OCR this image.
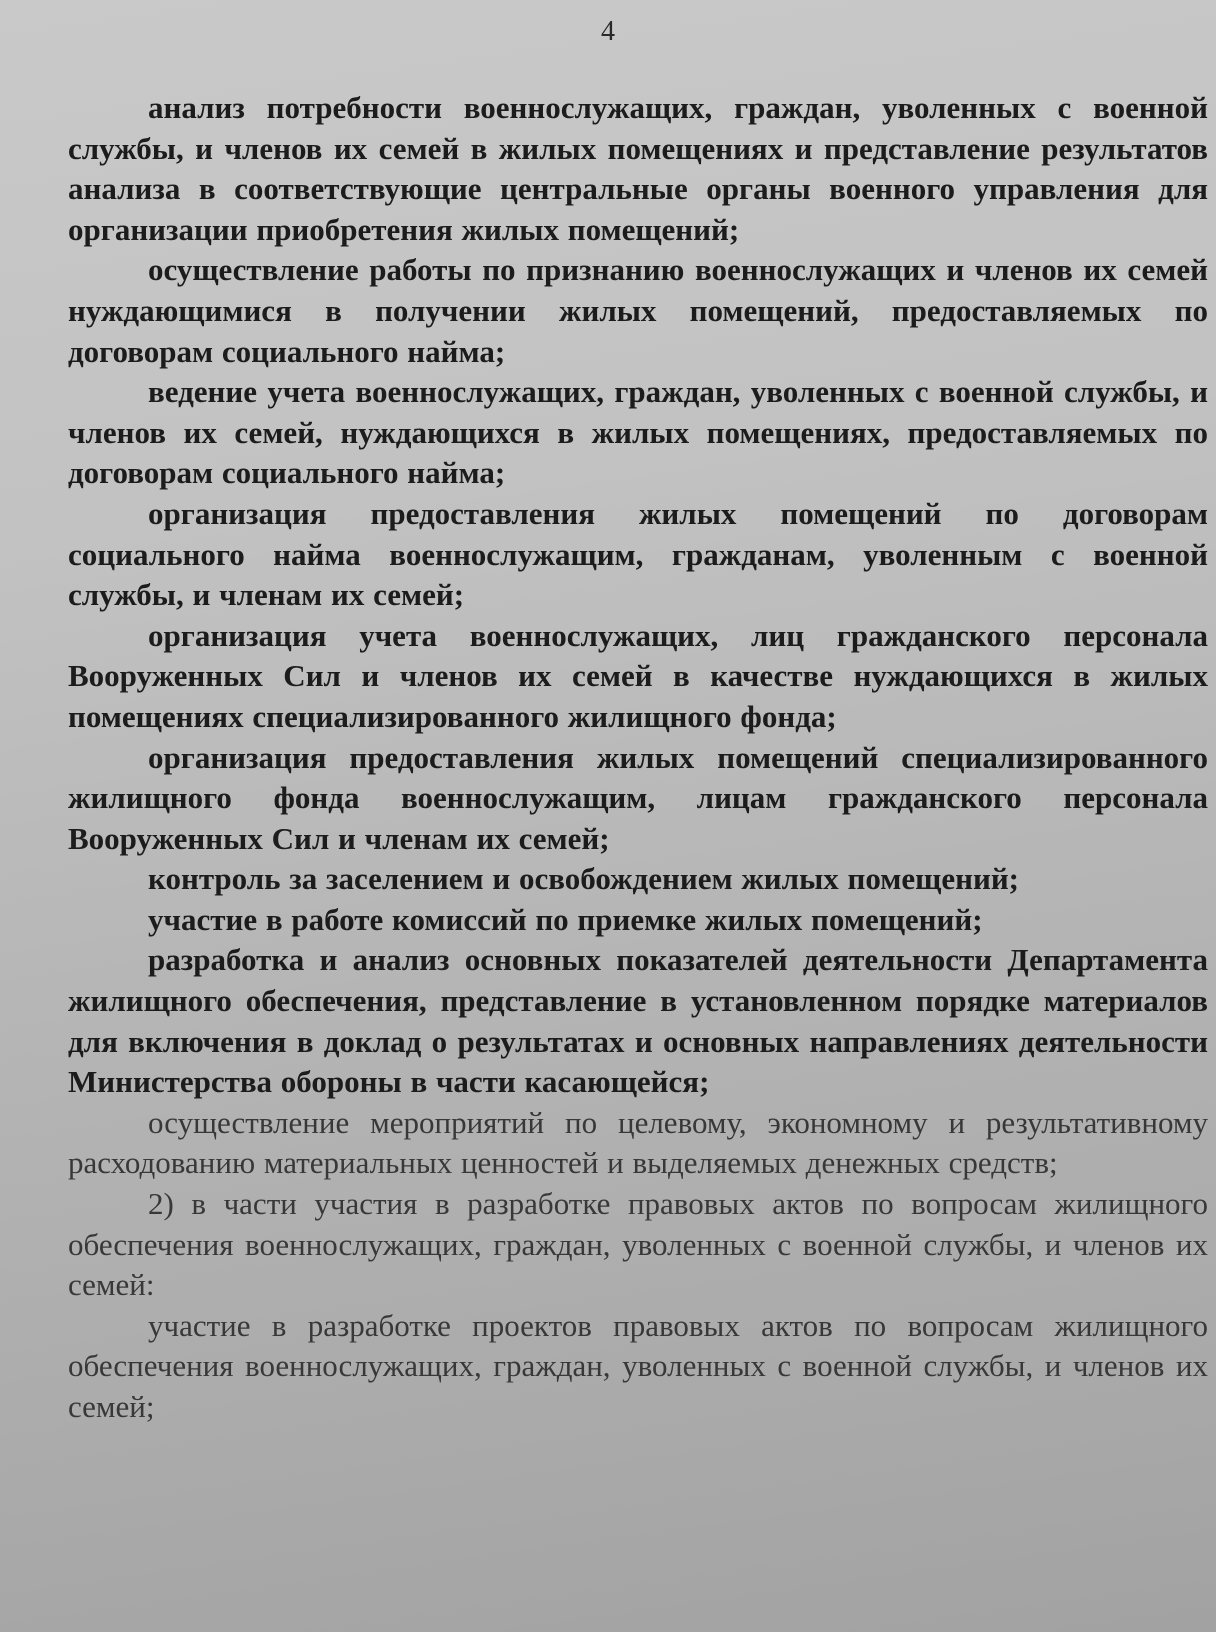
4

анализ потребности военнослужащих, граждан, уволенных с военной службы, и членов их семей в жилых помещениях и представление результатов анализа в соответствующие центральные органы военного управления для организации приобретения жилых помещений;

осуществление работы по признанию военнослужащих и членов их семей нуждающимися в получении жилых помещений, предоставляемых по договорам социального найма;

ведение учета военнослужащих, граждан, уволенных с военной службы, и членов их семей, нуждающихся в жилых помещениях, предоставляемых по договорам социального найма;

организация предоставления жилых помещений по договорам социального найма военнослужащим, гражданам, уволенным с военной службы, и членам их семей;

организация учета военнослужащих, лиц гражданского персонала Вооруженных Сил и членов их семей в качестве нуждающихся в жилых помещениях специализированного жилищного фонда;

организация предоставления жилых помещений специализированного жилищного фонда военнослужащим, лицам гражданского персонала Вооруженных Сил и членам их семей;

контроль за заселением и освобождением жилых помещений;

участие в работе комиссий по приемке жилых помещений;

разработка и анализ основных показателей деятельности Департамента жилищного обеспечения, представление в установленном порядке материалов для включения в доклад о результатах и основных направлениях деятельности Министерства обороны в части касающейся;

осуществление мероприятий по целевому, экономному и результативному расходованию материальных ценностей и выделяемых денежных средств;

2) в части участия в разработке правовых актов по вопросам жилищного обеспечения военнослужащих, граждан, уволенных с военной службы, и членов их семей:

участие в разработке проектов правовых актов по вопросам жилищного обеспечения военнослужащих, граждан, уволенных с военной службы, и членов их семей;
